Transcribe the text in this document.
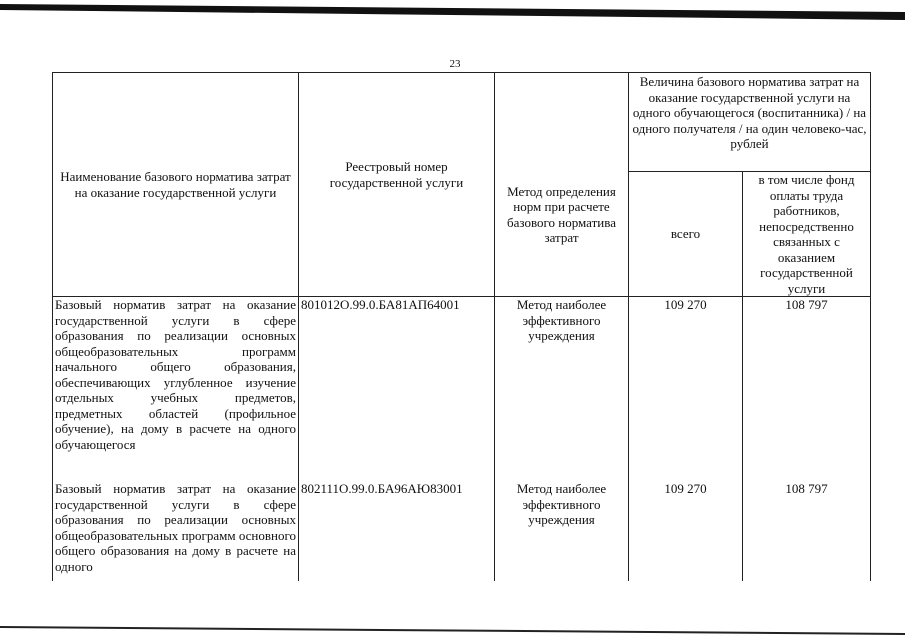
23
Наименование базового норматива затрат на оказание государственной услуги	Реестровый номер государственной услуги	Метод определения норм при расчете базового норматива затрат	Величина базового норматива затрат на оказание государственной услуги на одного обучающегося (воспитанника) / на одного получателя / на один человеко-час, рублей	
			всего	в том числе фонд оплаты труда работников, непосредственно связанных с оказанием государственной услуги
Базовый норматив затрат на оказание государственной услуги в сфере образования по реализации основных общеобразовательных программ начального общего образования, обеспечивающих углубленное изучение отдельных учебных предметов, предметных областей (профильное обучение), на дому в расчете на одного обучающегося	801012О.99.0.БА81АП64001	Метод наиболее эффективного учреждения	109 270	108 797
Базовый норматив затрат на оказание государственной услуги в сфере образования по реализации основных общеобразовательных программ основного общего образования на дому в расчете на одного	802111О.99.0.БА96АЮ83001	Метод наиболее эффективного учреждения	109 270	108 797
